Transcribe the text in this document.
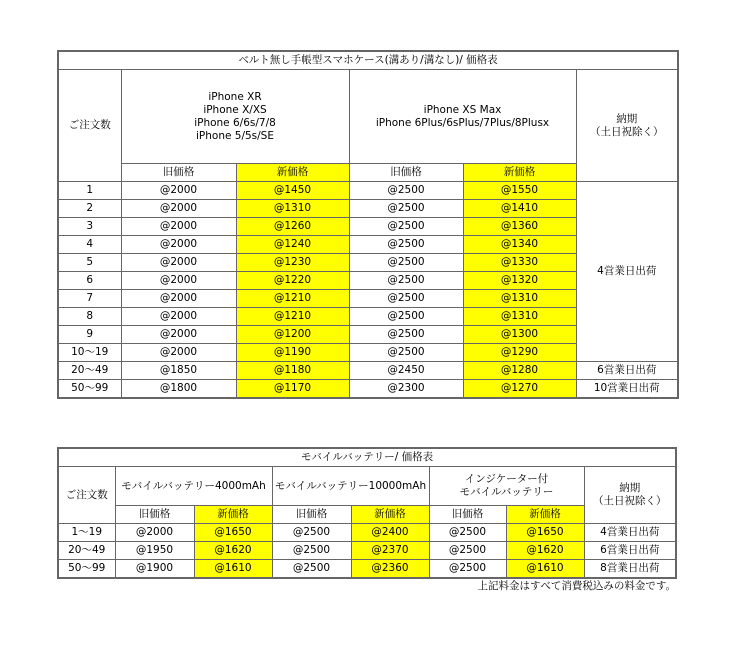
ベルト無し手帳型スマホケース(溝あり/溝なし)/ 価格表					
ご注文数	iPhone XR
iPhone X/XS
iPhone 6/6s/7/8
iPhone 5/5s/SE		iPhone XS Max
iPhone 6Plus/6sPlus/7Plus/8Plusx		納期
（土日祝除く）
	旧価格	新価格	旧価格	新価格	
1	@2000	@1450	@2500	@1550	4営業日出荷
2	@2000	@1310	@2500	@1410	
3	@2000	@1260	@2500	@1360	
4	@2000	@1240	@2500	@1340	
5	@2000	@1230	@2500	@1330	
6	@2000	@1220	@2500	@1320	
7	@2000	@1210	@2500	@1310	
8	@2000	@1210	@2500	@1310	
9	@2000	@1200	@2500	@1300	
10～19	@2000	@1190	@2500	@1290	
20～49	@1850	@1180	@2450	@1280	6営業日出荷
50～99	@1800	@1170	@2300	@1270	10営業日出荷
モバイルバッテリー/ 価格表							
ご注文数	モバイルバッテリー4000mAh		モバイルバッテリー10000mAh		インジケーター付
モバイルバッテリー		納期
（土日祝除く）
	旧価格	新価格	旧価格	新価格	旧価格	新価格	
1～19	@2000	@1650	@2500	@2400	@2500	@1650	4営業日出荷
20～49	@1950	@1620	@2500	@2370	@2500	@1620	6営業日出荷
50～99	@1900	@1610	@2500	@2360	@2500	@1610	8営業日出荷
上記料金はすべて消費税込みの料金です。
